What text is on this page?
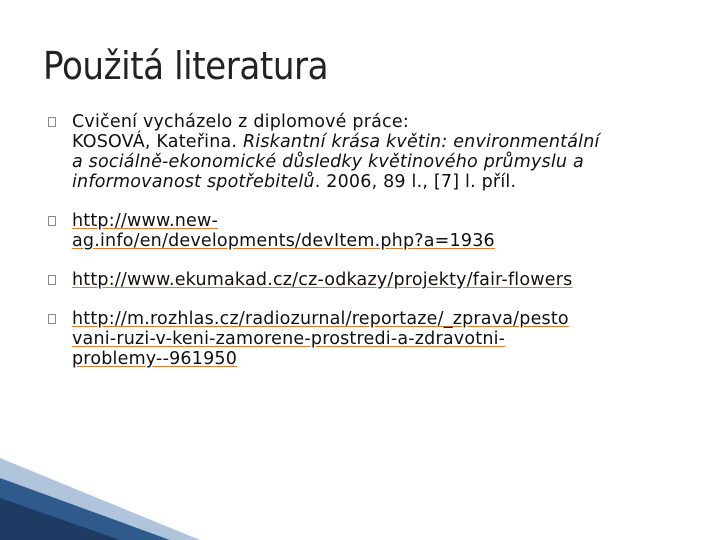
Použitá literatura
Cvičení vycházelo z diplomové práce:
KOSOVÁ, Kateřina. Riskantní krása květin: environmentální
a sociálně-ekonomické důsledky květinového průmyslu a
informovanost spotřebitelů. 2006, 89 l., [7] l. příl.
http://www.new-
ag.info/en/developments/devItem.php?a=1936
http://www.ekumakad.cz/cz-odkazy/projekty/fair-flowers
http://m.rozhlas.cz/radiozurnal/reportaze/_zprava/pesto
vani-ruzi-v-keni-zamorene-prostredi-a-zdravotni-
problemy--961950
